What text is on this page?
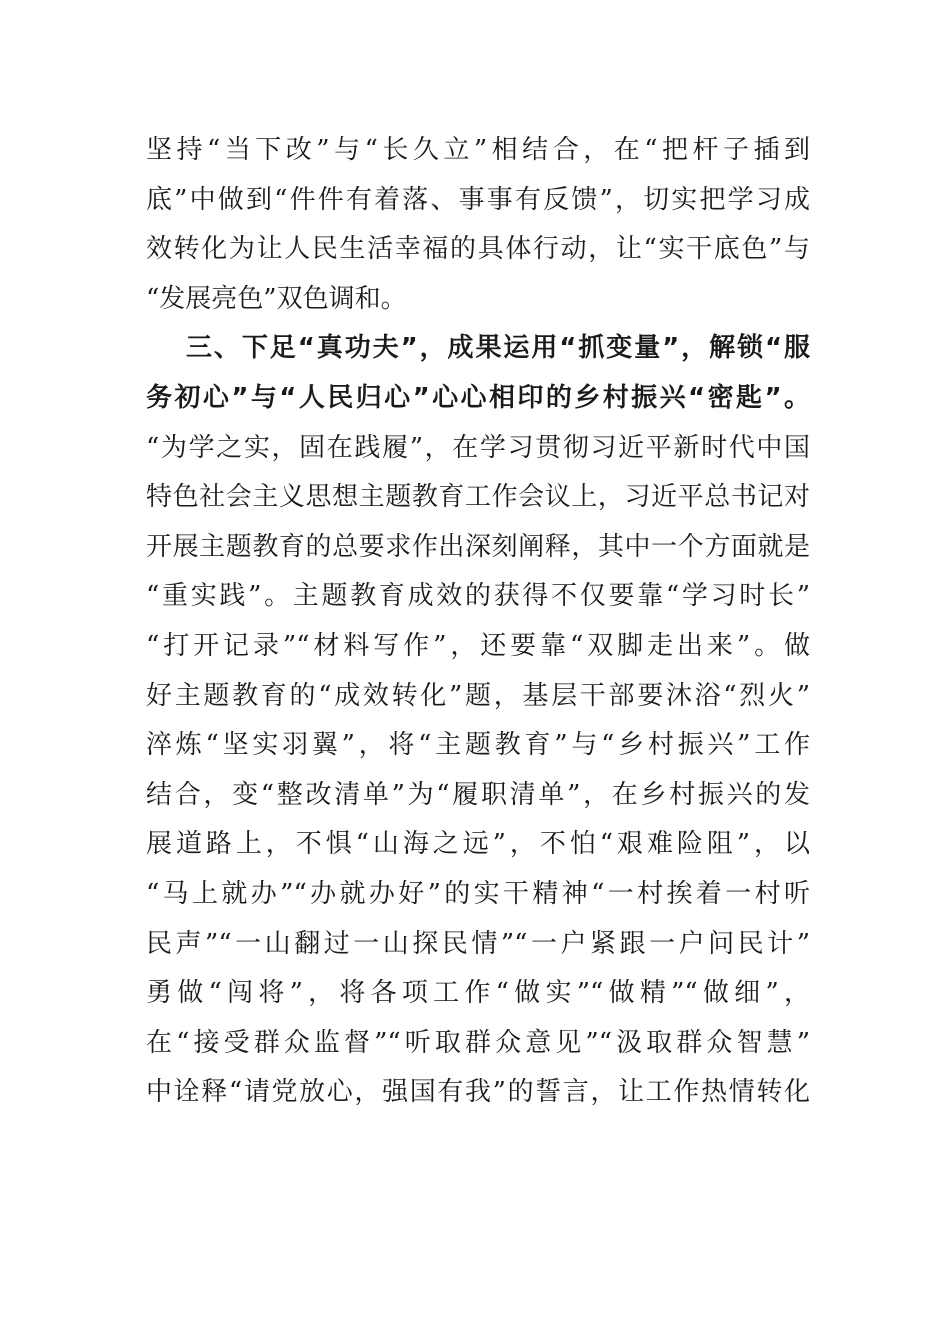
坚持“当下改”与“长久立”相结合，在“把杆子插到
底”中做到“件件有着落、事事有反馈”，切实把学习成
效转化为让人民生活幸福的具体行动，让“实干底色”与
“发展亮色”双色调和。
三、下足“真功夫”，成果运用“抓变量”，解锁“服
务初心”与“人民归心”心心相印的乡村振兴“密匙”。
“为学之实，固在践履”，在学习贯彻习近平新时代中国
特色社会主义思想主题教育工作会议上，习近平总书记对
开展主题教育的总要求作出深刻阐释，其中一个方面就是
“重实践”。主题教育成效的获得不仅要靠“学习时长”
“打开记录”“材料写作”，还要靠“双脚走出来”。做
好主题教育的“成效转化”题，基层干部要沐浴“烈火”
淬炼“坚实羽翼”，将“主题教育”与“乡村振兴”工作
结合，变“整改清单”为“履职清单”，在乡村振兴的发
展道路上，不惧“山海之远”，不怕“艰难险阻”，以
“马上就办”“办就办好”的实干精神“一村挨着一村听
民声”“一山翻过一山探民情”“一户紧跟一户问民计”
勇做“闯将”，将各项工作“做实”“做精”“做细”，
在“接受群众监督”“听取群众意见”“汲取群众智慧”
中诠释“请党放心，强国有我”的誓言，让工作热情转化
